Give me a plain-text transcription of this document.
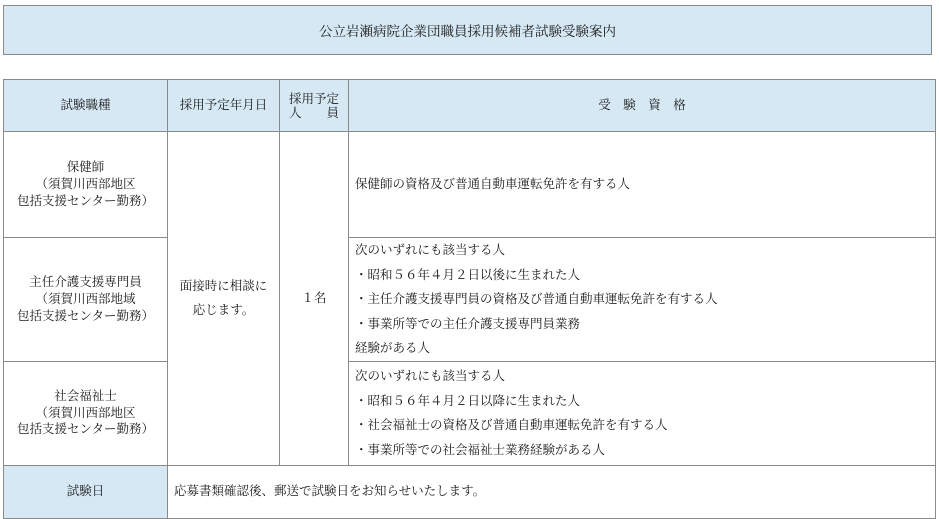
公立岩瀬病院企業団職員採用候補者試験受験案内
試験職種	採用予定年月日	採用予定
人　　員	受　験　資　格

保健師
（須賀川西部地区
包括支援センター勤務）	面接時に相談に
応じます。	１名	保健師の資格及び普通自動車運転免許を有する人

主任介護支援専門員
（須賀川西部地域
包括支援センター勤務）			次のいずれにも該当する人
・昭和５６年４月２日以後に生まれた人
・主任介護支援専門員の資格及び普通自動車運転免許を有する人
・事業所等での主任介護支援専門員業務
経験がある人

社会福祉士
（須賀川西部地区
包括支援センター勤務）			次のいずれにも該当する人
・昭和５６年４月２日以降に生まれた人
・社会福祉士の資格及び普通自動車運転免許を有する人
・事業所等での社会福祉士業務経験がある人

試験日	応募書類確認後、郵送で試験日をお知らせいたします。		
